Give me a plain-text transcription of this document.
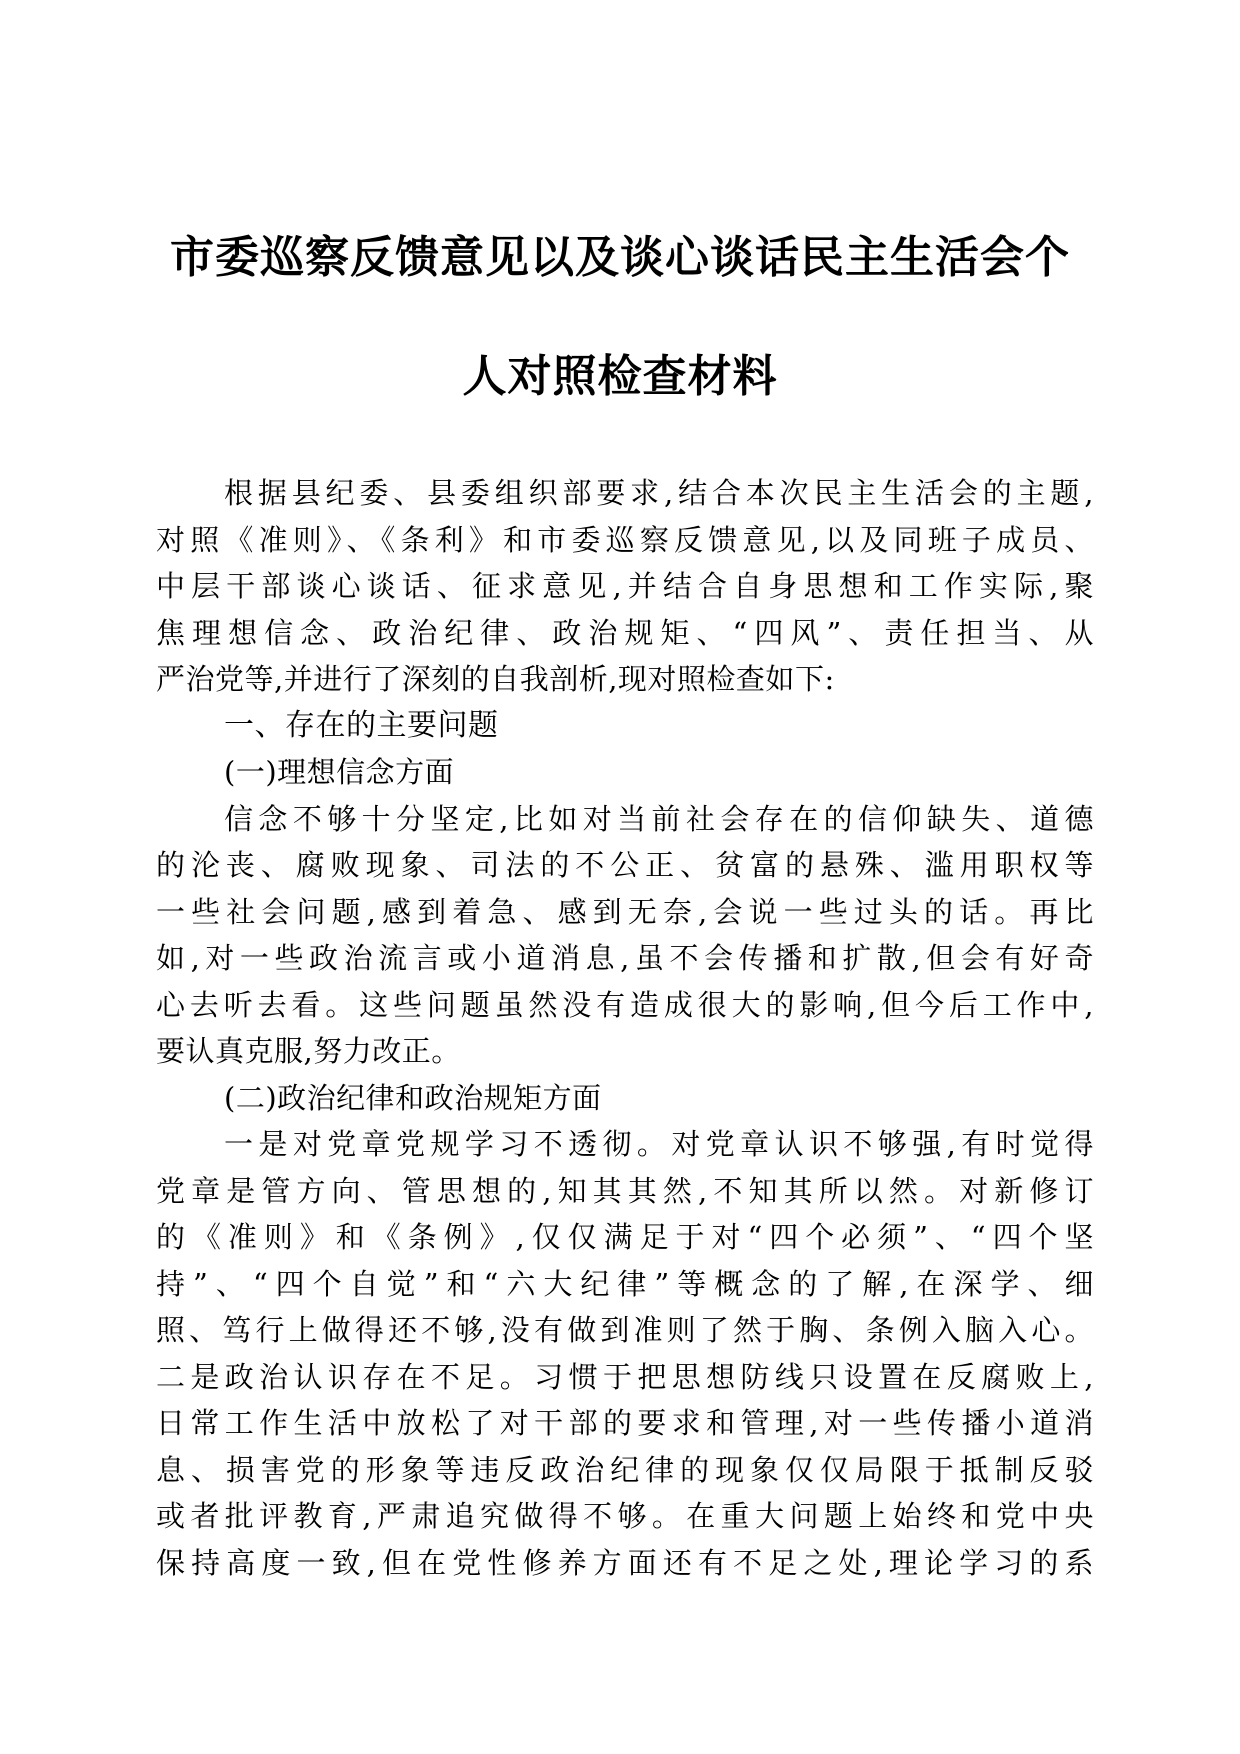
市委巡察反馈意见以及谈心谈话民主生活会个
人对照检查材料
根据县纪委、县委组织部要求,结合本次民主生活会的主题,
对照《准则》、《条利》和市委巡察反馈意见,以及同班子成员、
中层干部谈心谈话、征求意见,并结合自身思想和工作实际,聚
焦理想信念、政治纪律、政治规矩、“四风”、责任担当、从
严治党等,并进行了深刻的自我剖析,现对照检查如下:
一、存在的主要问题
(一)理想信念方面
信念不够十分坚定,比如对当前社会存在的信仰缺失、道德
的沦丧、腐败现象、司法的不公正、贫富的悬殊、滥用职权等
一些社会问题,感到着急、感到无奈,会说一些过头的话。再比
如,对一些政治流言或小道消息,虽不会传播和扩散,但会有好奇
心去听去看。这些问题虽然没有造成很大的影响,但今后工作中,
要认真克服,努力改正。
(二)政治纪律和政治规矩方面
一是对党章党规学习不透彻。对党章认识不够强,有时觉得
党章是管方向、管思想的,知其其然,不知其所以然。对新修订
的《准则》和《条例》,仅仅满足于对“四个必须”、“四个坚
持”、“四个自觉”和“六大纪律”等概念的了解,在深学、细
照、笃行上做得还不够,没有做到准则了然于胸、条例入脑入心。
二是政治认识存在不足。习惯于把思想防线只设置在反腐败上,
日常工作生活中放松了对干部的要求和管理,对一些传播小道消
息、损害党的形象等违反政治纪律的现象仅仅局限于抵制反驳
或者批评教育,严肃追究做得不够。在重大问题上始终和党中央
保持高度一致,但在党性修养方面还有不足之处,理论学习的系
